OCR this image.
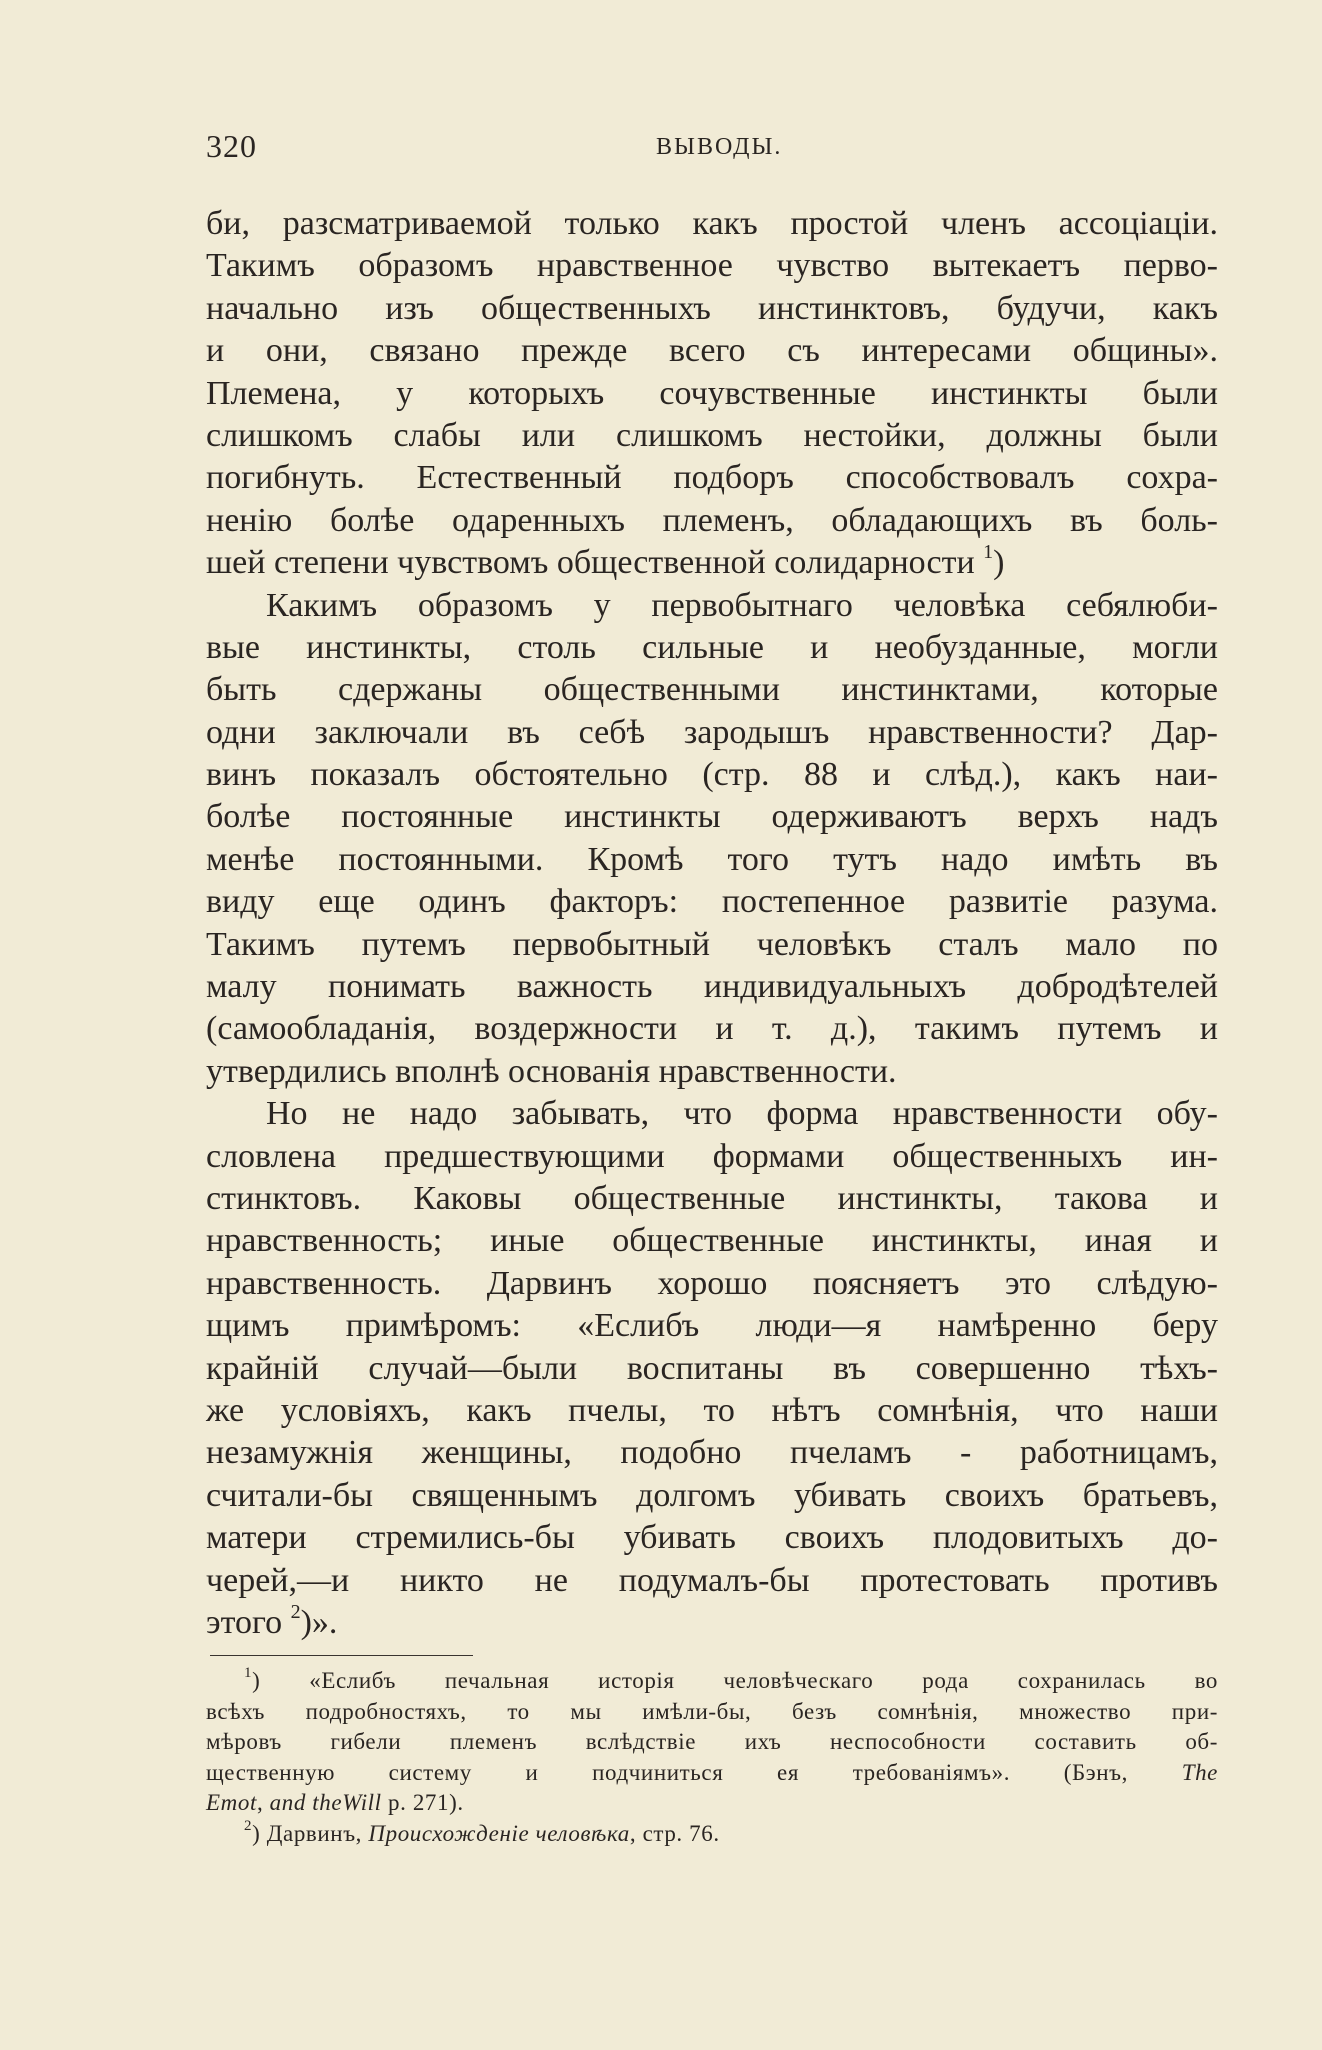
320	ВЫВОДЫ.
би, разсматриваемой только какъ простой членъ ассоціаціи.
Такимъ образомъ нравственное чувство вытекаетъ перво-
начально изъ общественныхъ инстинктовъ, будучи, какъ
и они, связано прежде всего съ интересами общины».
Племена, у которыхъ сочувственные инстинкты были
слишкомъ слабы или слишкомъ нестойки, должны были
погибнуть. Естественный подборъ способствовалъ сохра-
ненію болѣе одаренныхъ племенъ, обладающихъ въ боль-
шей степени чувствомъ общественной солидарности $^1$)
Какимъ образомъ у первобытнаго человѣка себялюби-
вые инстинкты, столь сильные и необузданные, могли
быть сдержаны общественными инстинктами, которые
одни заключали въ себѣ зародышъ нравственности? Дар-
винъ показалъ обстоятельно (стр. 88 и слѣд.), какъ наи-
болѣе постоянные инстинкты одерживаютъ верхъ надъ
менѣе постоянными. Кромѣ того тутъ надо имѣть въ
виду еще одинъ факторъ: постепенное развитіе разума.
Такимъ путемъ первобытный человѣкъ сталъ мало по
малу понимать важность индивидуальныхъ добродѣтелей
(самообладанія, воздержности и т. д.), такимъ путемъ и
утвердились вполнѣ основанія нравственности.
Но не надо забывать, что форма нравственности обу-
словлена предшествующими формами общественныхъ ин-
стинктовъ. Каковы общественные инстинкты, такова и
нравственность; иные общественные инстинкты, иная и
нравственность. Дарвинъ хорошо поясняетъ это слѣдую-
щимъ примѣромъ: «Еслибъ люди—я намѣренно беру
крайній случай—были воспитаны въ совершенно тѣхъ-
же условіяхъ, какъ пчелы, то нѣтъ сомнѣнія, что наши
незамужнія женщины, подобно пчеламъ - работницамъ,
считали-бы священнымъ долгомъ убивать своихъ братьевъ,
матери стремились-бы убивать своихъ плодовитыхъ до-
черей,—и никто не подумалъ-бы протестовать противъ
этого $^2$)».
$^1$) «Еслибъ печальная исторія человѣческаго рода сохранилась во
всѣхъ подробностяхъ, то мы имѣли-бы, безъ сомнѣнія, множество при-
мѣровъ гибели племенъ вслѣдствіе ихъ неспособности составить об-
щественную систему и подчиниться ея требованіямъ». (Бэнъ, The
Emot, and theWill p. 271).
$^2$) Дарвинъ, Происхожденіе человѣка, стр. 76.
